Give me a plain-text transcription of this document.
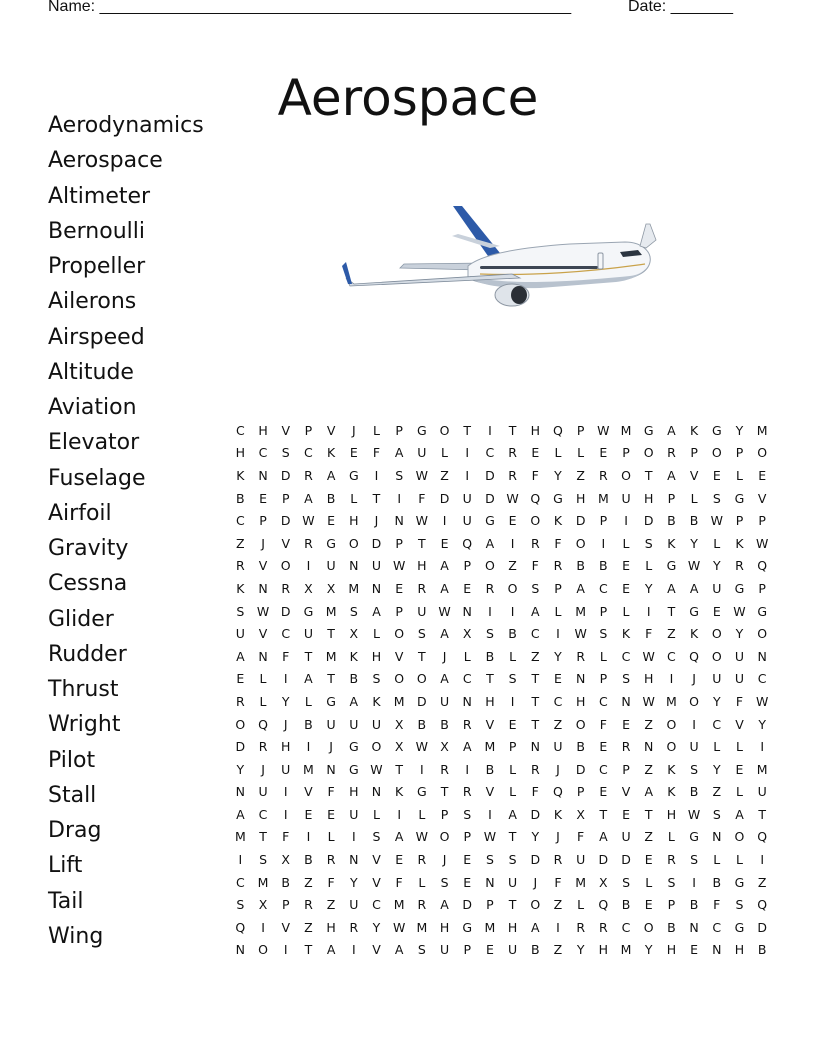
Name: _____________________________________________________	Date: _______
Aerospace
Aerodynamics
Aerospace
Altimeter
Bernoulli
Propeller
Ailerons
Airspeed
Altitude
Aviation
Elevator
Fuselage
Airfoil
Gravity
Cessna
Glider
Rudder
Thrust
Wright
Pilot
Stall
Drag
Lift
Tail
Wing
C	H	V	P	V	J	L	P	G	O	T	I	T	H	Q	P	W	M	G	A	K	G	Y	M
H	C	S	C	K	E	F	A	U	L	I	C	R	E	L	L	E	P	O	R	P	O	P	O
K	N	D	R	A	G	I	S	W	Z	I	D	R	F	Y	Z	R	O	T	A	V	E	L	E
B	E	P	A	B	L	T	I	F	D	U	D	W	Q	G	H	M	U	H	P	L	S	G	V
C	P	D	W	E	H	J	N	W	I	U	G	E	O	K	D	P	I	D	B	B	W	P	P
Z	J	V	R	G	O	D	P	T	E	Q	A	I	R	F	O	I	L	S	K	Y	L	K	W
R	V	O	I	U	N	U	W	H	A	P	O	Z	F	R	B	B	E	L	G	W	Y	R	Q
K	N	R	X	X	M	N	E	R	A	E	R	O	S	P	A	C	E	Y	A	A	U	G	P
S	W	D	G	M	S	A	P	U	W	N	I	I	A	L	M	P	L	I	T	G	E	W	G
U	V	C	U	T	X	L	O	S	A	X	S	B	C	I	W	S	K	F	Z	K	O	Y	O
A	N	F	T	M	K	H	V	T	J	L	B	L	Z	Y	R	L	C	W	C	Q	O	U	N
E	L	I	A	T	B	S	O	O	A	C	T	S	T	E	N	P	S	H	I	J	U	U	C
R	L	Y	L	G	A	K	M	D	U	N	H	I	T	C	H	C	N	W	M	O	Y	F	W
O	Q	J	B	U	U	U	X	B	B	R	V	E	T	Z	O	F	E	Z	O	I	C	V	Y
D	R	H	I	J	G	O	X	W	X	A	M	P	N	U	B	E	R	N	O	U	L	L	I
Y	J	U	M	N	G	W	T	I	R	I	B	L	R	J	D	C	P	Z	K	S	Y	E	M
N	U	I	V	F	H	N	K	G	T	R	V	L	F	Q	P	E	V	A	K	B	Z	L	U
A	C	I	E	E	U	L	I	L	P	S	I	A	D	K	X	T	E	T	H	W	S	A	T
M	T	F	I	L	I	S	A	W	O	P	W	T	Y	J	F	A	U	Z	L	G	N	O	Q
I	S	X	B	R	N	V	E	R	J	E	S	S	D	R	U	D	D	E	R	S	L	L	I
C	M	B	Z	F	Y	V	F	L	S	E	N	U	J	F	M	X	S	L	S	I	B	G	Z
S	X	P	R	Z	U	C	M	R	A	D	P	T	O	Z	L	Q	B	E	P	B	F	S	Q
Q	I	V	Z	H	R	Y	W	M	H	G	M	H	A	I	R	R	C	O	B	N	C	G	D
N	O	I	T	A	I	V	A	S	U	P	E	U	B	Z	Y	H	M	Y	H	E	N	H	B
